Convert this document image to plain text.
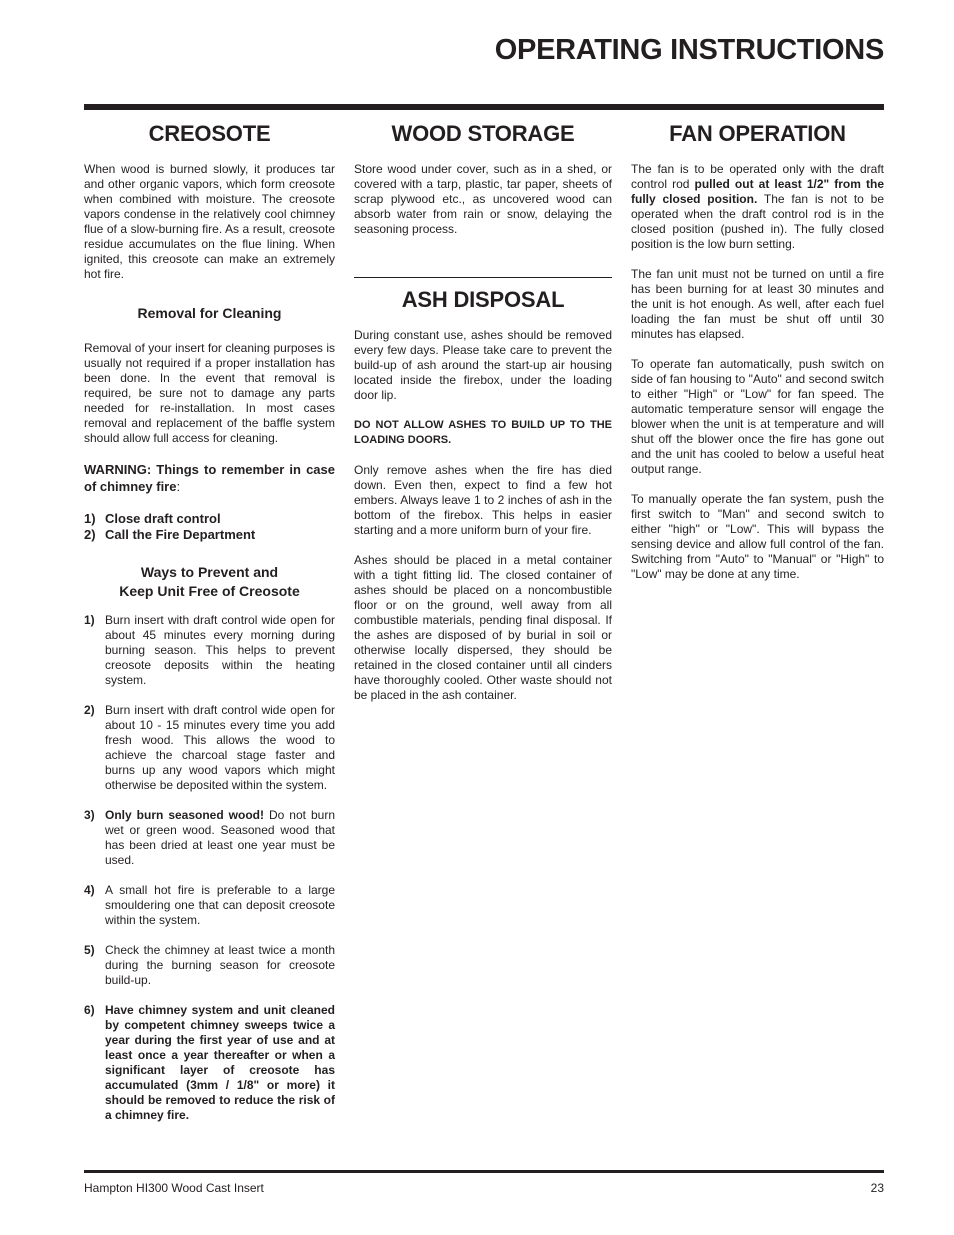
OPERATING INSTRUCTIONS
CREOSOTE

When wood is burned slowly, it produces tar and other organic vapors, which form creosote when combined with moisture. The creosote vapors condense in the relatively cool chimney flue of a slow-burning fire. As a result, creosote residue accumulates on the flue lining. When ignited, this creosote can make an extremely hot fire.

Removal for Cleaning

Removal of your insert for cleaning purposes is usually not required if a proper installation has been done. In the event that removal is required, be sure not to damage any parts needed for re-installation. In most cases removal and replacement of the baffle system should allow full access for cleaning.

WARNING: Things to remember in case of chimney fire:
1) Close draft control
2) Call the Fire Department
Ways to Prevent and
Keep Unit Free of Creosote
1) Burn insert with draft control wide open for about 45 minutes every morning during burning season. This helps to prevent creosote deposits within the heating system.
2) Burn insert with draft control wide open for about 10 - 15 minutes every time you add fresh wood. This allows the wood to achieve the charcoal stage faster and burns up any wood vapors which might otherwise be deposited within the system.
3) Only burn seasoned wood! Do not burn wet or green wood. Seasoned wood that has been dried at least one year must be used.
4) A small hot fire is preferable to a large smouldering one that can deposit creosote within the system.
5) Check the chimney at least twice a month during the burning season for creosote build-up.
6) Have chimney system and unit cleaned by competent chimney sweeps twice a year during the first year of use and at least once a year thereafter or when a significant layer of creosote has accumulated (3mm / 1/8" or more) it should be removed to reduce the risk of a chimney fire.
WOOD STORAGE

Store wood under cover, such as in a shed, or covered with a tarp, plastic, tar paper, sheets of scrap plywood etc., as uncovered wood can absorb water from rain or snow, delaying the seasoning process.

ASH DISPOSAL

During constant use, ashes should be removed every few days. Please take care to prevent the build-up of ash around the start-up air housing located inside the firebox, under the loading door lip.

DO NOT ALLOW ASHES TO BUILD UP TO THE LOADING DOORS.

Only remove ashes when the fire has died down. Even then, expect to find a few hot embers. Always leave 1 to 2 inches of ash in the bottom of the firebox. This helps in easier starting and a more uniform burn of your fire.

Ashes should be placed in a metal container with a tight fitting lid. The closed container of ashes should be placed on a noncombustible floor or on the ground, well away from all combustible materials, pending final disposal. If the ashes are disposed of by burial in soil or otherwise locally dispersed, they should be retained in the closed container until all cinders have thoroughly cooled. Other waste should not be placed in the ash container.

FAN OPERATION

The fan is to be operated only with the draft control rod pulled out at least 1/2" from the fully closed position. The fan is not to be operated when the draft control rod is in the closed position (pushed in). The fully closed position is the low burn setting.

The fan unit must not be turned on until a fire has been burning for at least 30 minutes and the unit is hot enough. As well, after each fuel loading the fan must be shut off until 30 minutes has elapsed.

To operate fan automatically, push switch on side of fan housing to "Auto" and second switch to either "High" or "Low" for fan speed. The automatic temperature sensor will engage the blower when the unit is at temperature and will shut off the blower once the fire has gone out and the unit has cooled to below a useful heat output range.

To manually operate the fan system, push the first switch to "Man" and second switch to either "high" or "Low". This will bypass the sensing device and allow full control of the fan. Switching from "Auto" to "Manual" or "High" to "Low" may be done at any time.

Hampton HI300 Wood Cast Insert	23
